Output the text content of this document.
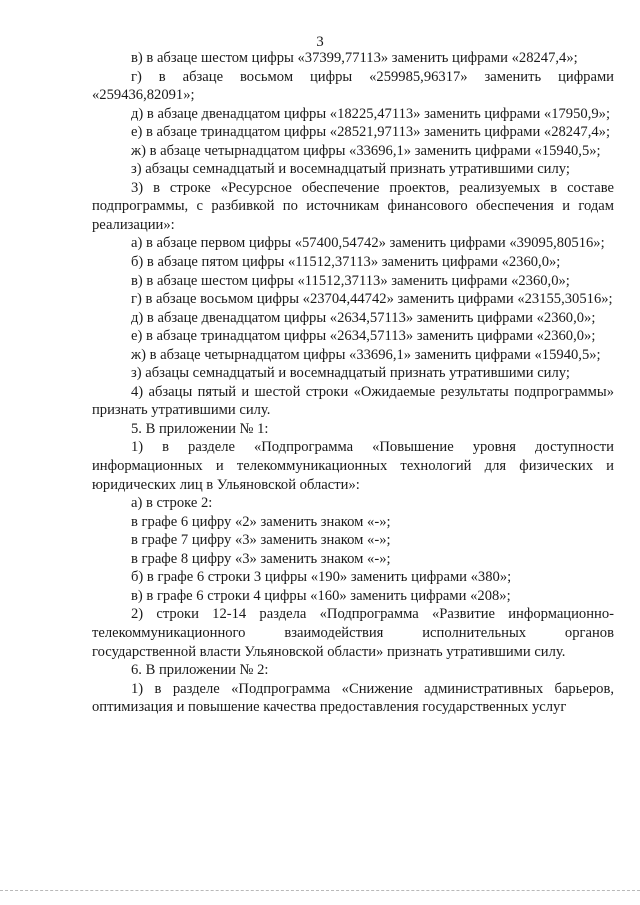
3

в) в абзаце шестом цифры «37399,77113» заменить цифрами «28247,4»;

г) в абзаце восьмом цифры «259985,96317» заменить цифрами «259436,82091»;

д) в абзаце двенадцатом цифры «18225,47113» заменить цифрами «17950,9»;

е) в абзаце тринадцатом цифры «28521,97113» заменить цифрами «28247,4»;

ж) в абзаце четырнадцатом цифры «33696,1» заменить цифрами «15940,5»;

з) абзацы семнадцатый и восемнадцатый признать утратившими силу;

3) в строке «Ресурсное обеспечение проектов, реализуемых в составе подпрограммы, с разбивкой по источникам финансового обеспечения и годам реализации»:

а) в абзаце первом цифры «57400,54742» заменить цифрами «39095,80516»;

б) в абзаце пятом цифры «11512,37113» заменить цифрами «2360,0»;

в) в абзаце шестом цифры «11512,37113» заменить цифрами «2360,0»;

г) в абзаце восьмом цифры «23704,44742» заменить цифрами «23155,30516»;

д) в абзаце двенадцатом цифры «2634,57113» заменить цифрами «2360,0»;

е) в абзаце тринадцатом цифры «2634,57113» заменить цифрами «2360,0»;

ж) в абзаце четырнадцатом цифры «33696,1» заменить цифрами «15940,5»;

з) абзацы семнадцатый и восемнадцатый признать утратившими силу;

4) абзацы пятый и шестой строки «Ожидаемые результаты подпрограммы» признать утратившими силу.

5. В приложении № 1:

1) в разделе «Подпрограмма «Повышение уровня доступности информационных и телекоммуникационных технологий для физических и юридических лиц в Ульяновской области»:

а) в строке 2:

в графе 6 цифру «2» заменить знаком «-»;

в графе 7 цифру «3» заменить знаком «-»;

в графе 8 цифру «3» заменить знаком «-»;

б) в графе 6 строки 3 цифры «190» заменить цифрами «380»;

в) в графе 6 строки 4 цифры «160» заменить цифрами «208»;

2) строки 12-14 раздела «Подпрограмма «Развитие информационно-телекоммуникационного взаимодействия исполнительных органов государственной власти Ульяновской области» признать утратившими силу.

6. В приложении № 2:

1) в разделе «Подпрограмма «Снижение административных барьеров, оптимизация и повышение качества предоставления государственных услуг
